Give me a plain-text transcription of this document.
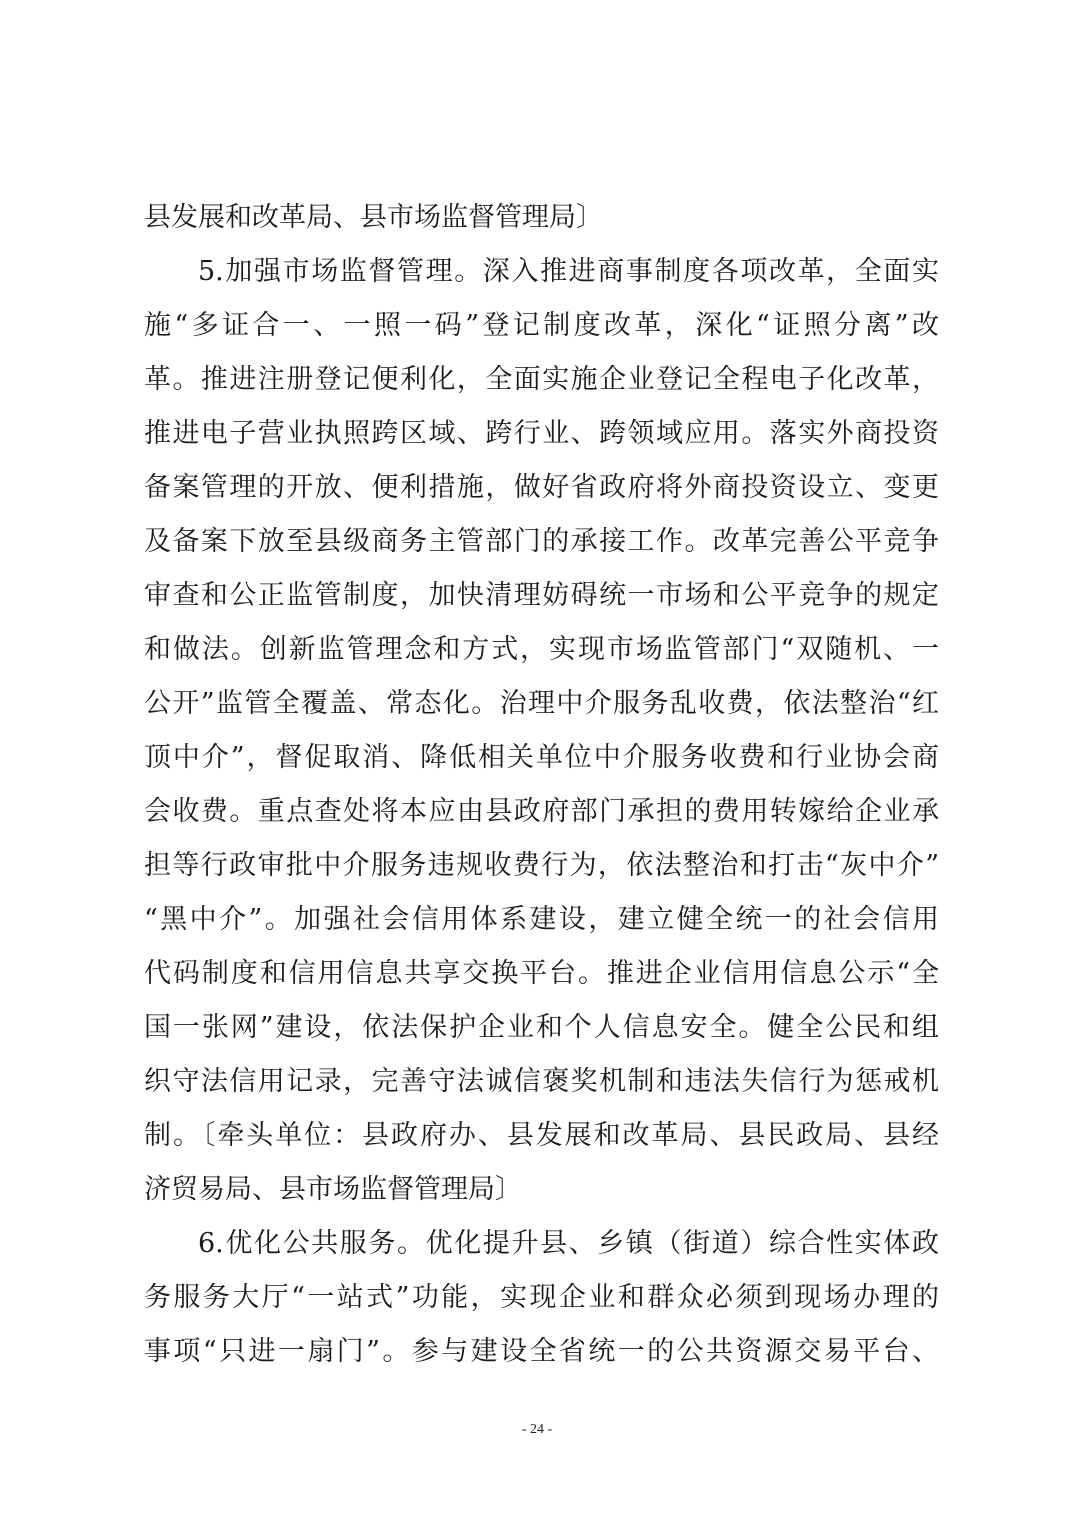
县发展和改革局、县市场监督管理局〕
5.加强市场监督管理。深入推进商事制度各项改革，全面实
施“多证合一、一照一码”登记制度改革，深化“证照分离”改
革。推进注册登记便利化，全面实施企业登记全程电子化改革，
推进电子营业执照跨区域、跨行业、跨领域应用。落实外商投资
备案管理的开放、便利措施，做好省政府将外商投资设立、变更
及备案下放至县级商务主管部门的承接工作。改革完善公平竞争
审查和公正监管制度，加快清理妨碍统一市场和公平竞争的规定
和做法。创新监管理念和方式，实现市场监管部门“双随机、一
公开”监管全覆盖、常态化。治理中介服务乱收费，依法整治“红
顶中介”，督促取消、降低相关单位中介服务收费和行业协会商
会收费。重点查处将本应由县政府部门承担的费用转嫁给企业承
担等行政审批中介服务违规收费行为，依法整治和打击“灰中介”
“黑中介”。加强社会信用体系建设，建立健全统一的社会信用
代码制度和信用信息共享交换平台。推进企业信用信息公示“全
国一张网”建设，依法保护企业和个人信息安全。健全公民和组
织守法信用记录，完善守法诚信褒奖机制和违法失信行为惩戒机
制。〔牵头单位：县政府办、县发展和改革局、县民政局、县经
济贸易局、县市场监督管理局〕
6.优化公共服务。优化提升县、乡镇（街道）综合性实体政
务服务大厅“一站式”功能，实现企业和群众必须到现场办理的
事项“只进一扇门”。参与建设全省统一的公共资源交易平台、
- 24 -
